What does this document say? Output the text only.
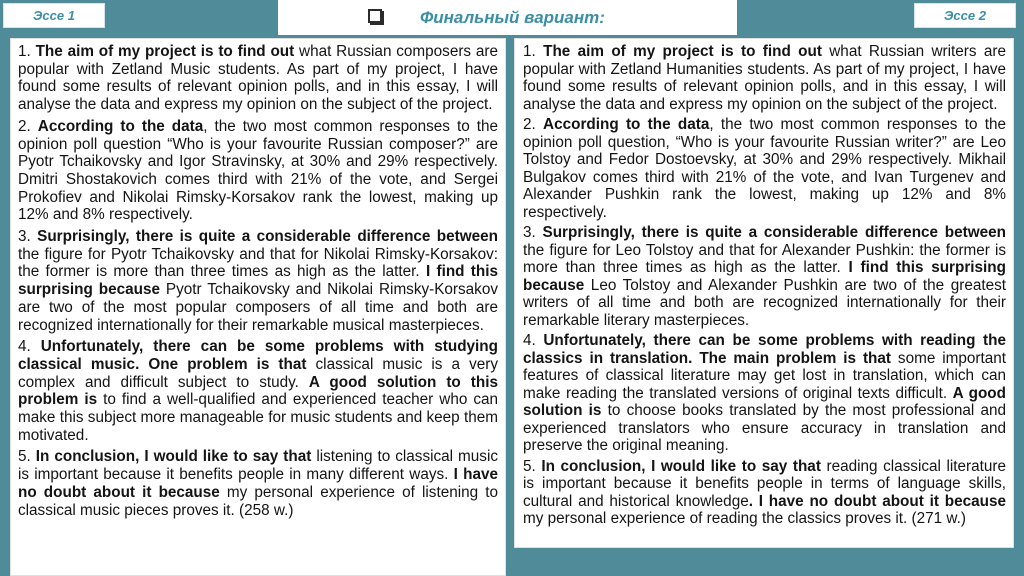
Эссе 1	Финальный вариант:	Эссе 2

1. The aim of my project is to find out what Russian composers are popular with Zetland Music students. As part of my project, I have found some results of relevant opinion polls, and in this essay, I will analyse the data and express my opinion on the subject of the project.

2. According to the data, the two most common responses to the opinion poll question “Who is your favourite Russian composer?” are Pyotr Tchaikovsky and Igor Stravinsky, at 30% and 29% respectively. Dmitri Shostakovich comes third with 21% of the vote, and Sergei Prokofiev and Nikolai Rimsky-Korsakov rank the lowest, making up 12% and 8% respectively.

3. Surprisingly, there is quite a considerable difference between the figure for Pyotr Tchaikovsky and that for Nikolai Rimsky-Korsakov: the former is more than three times as high as the latter. I find this surprising because Pyotr Tchaikovsky and Nikolai Rimsky-Korsakov are two of the most popular composers of all time and both are recognized internationally for their remarkable musical masterpieces.

4. Unfortunately, there can be some problems with studying classical music. One problem is that classical music is a very complex and difficult subject to study. A good solution to this problem is to find a well-qualified and experienced teacher who can make this subject more manageable for music students and keep them motivated.

5. In conclusion, I would like to say that listening to classical music is important because it benefits people in many different ways. I have no doubt about it because my personal experience of listening to classical music pieces proves it. (258 w.)

1. The aim of my project is to find out what Russian writers are popular with Zetland Humanities students. As part of my project, I have found some results of relevant opinion polls, and in this essay, I will analyse the data and express my opinion on the subject of the project.

2. According to the data, the two most common responses to the opinion poll question, “Who is your favourite Russian writer?” are Leo Tolstoy and Fedor Dostoevsky, at 30% and 29% respectively. Mikhail Bulgakov comes third with 21% of the vote, and Ivan Turgenev and Alexander Pushkin rank the lowest, making up 12% and 8% respectively.

3. Surprisingly, there is quite a considerable difference between the figure for Leo Tolstoy and that for Alexander Pushkin: the former is more than three times as high as the latter. I find this surprising because Leo Tolstoy and Alexander Pushkin are two of the greatest writers of all time and both are recognized internationally for their remarkable literary masterpieces.

4. Unfortunately, there can be some problems with reading the classics in translation. The main problem is that some important features of classical literature may get lost in translation, which can make reading the translated versions of original texts difficult. A good solution is to choose books translated by the most professional and experienced translators who ensure accuracy in translation and preserve the original meaning.

5. In conclusion, I would like to say that reading classical literature is important because it benefits people in terms of language skills, cultural and historical knowledge. I have no doubt about it because my personal experience of reading the classics proves it. (271 w.)
